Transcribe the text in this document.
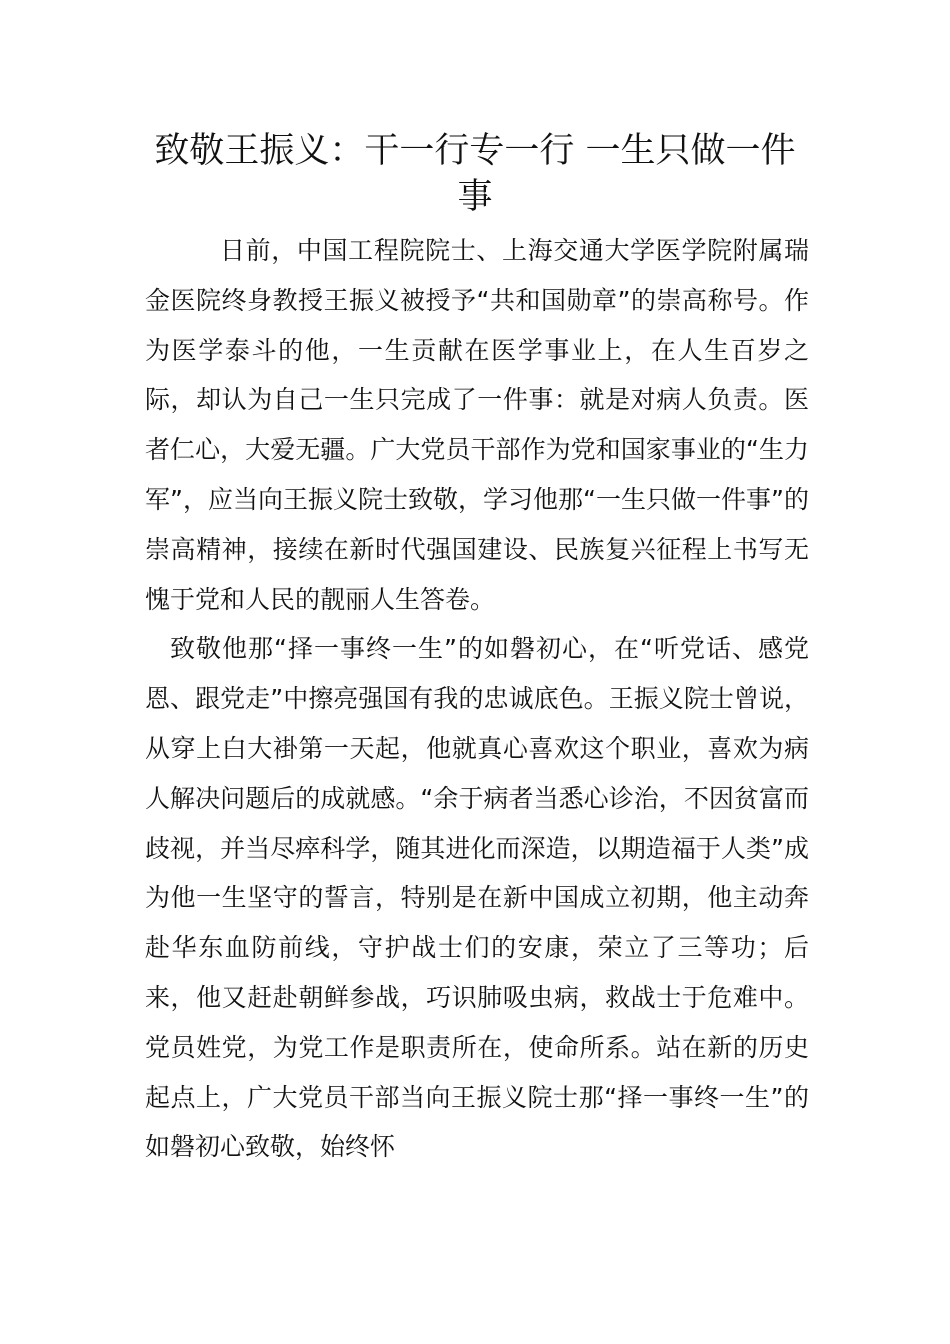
致敬王振义：干一行专一行 一生只做一件事

日前，中国工程院院士、上海交通大学医学院附属瑞金医院终身教授王振义被授予“共和国勋章”的崇高称号。作为医学泰斗的他，一生贡献在医学事业上，在人生百岁之际，却认为自己一生只完成了一件事：就是对病人负责。医者仁心，大爱无疆。广大党员干部作为党和国家事业的“生力军”，应当向王振义院士致敬，学习他那“一生只做一件事”的崇高精神，接续在新时代强国建设、民族复兴征程上书写无愧于党和人民的靓丽人生答卷。

致敬他那“择一事终一生”的如磐初心，在“听党话、感党恩、跟党走”中擦亮强国有我的忠诚底色。王振义院士曾说，从穿上白大褂第一天起，他就真心喜欢这个职业，喜欢为病人解决问题后的成就感。“余于病者当悉心诊治，不因贫富而歧视，并当尽瘁科学，随其进化而深造，以期造福于人类”成为他一生坚守的誓言，特别是在新中国成立初期，他主动奔赴华东血防前线，守护战士们的安康，荣立了三等功；后来，他又赶赴朝鲜参战，巧识肺吸虫病，救战士于危难中。党员姓党，为党工作是职责所在，使命所系。站在新的历史起点上，广大党员干部当向王振义院士那“择一事终一生”的如磐初心致敬，始终怀
